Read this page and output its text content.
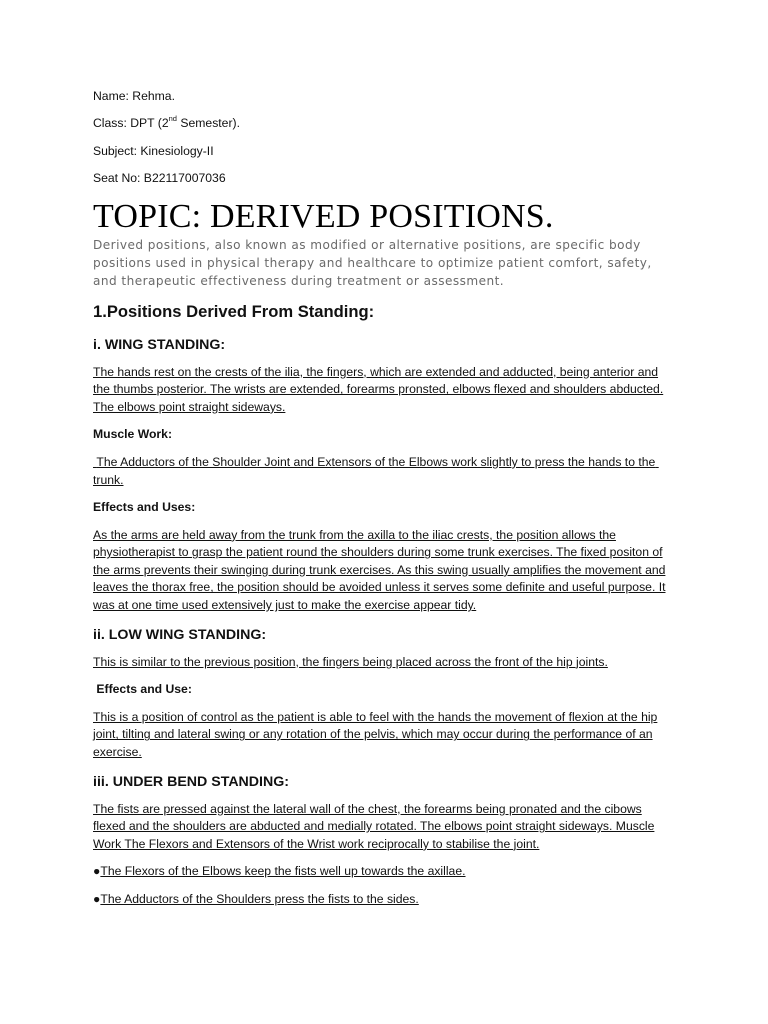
Name: Rehma.
Class: DPT (2nd Semester).
Subject: Kinesiology-II
Seat No: B22117007036
TOPIC: DERIVED POSITIONS.
Derived positions, also known as modified or alternative positions, are specific body positions used in physical therapy and healthcare to optimize patient comfort, safety, and therapeutic effectiveness during treatment or assessment.
1.Positions Derived From Standing:
i. WING STANDING:
The hands rest on the crests of the ilia, the fingers, which are extended and adducted, being anterior and the thumbs posterior. The wrists are extended, forearms pronsted, elbows flexed and shoulders abducted. The elbows point straight sideways.
Muscle Work:
The Adductors of the Shoulder Joint and Extensors of the Elbows work slightly to press the hands to the trunk.
Effects and Uses:
As the arms are held away from the trunk from the axilla to the iliac crests, the position allows the physiotherapist to grasp the patient round the shoulders during some trunk exercises. The fixed positon of the arms prevents their swinging during trunk exercises. As this swing usually amplifies the movement and leaves the thorax free, the position should be avoided unless it serves some definite and useful purpose. It was at one time used extensively just to make the exercise appear tidy.
ii. LOW WING STANDING:
This is similar to the previous position, the fingers being placed across the front of the hip joints.
Effects and Use:
This is a position of control as the patient is able to feel with the hands the movement of flexion at the hip joint, tilting and lateral swing or any rotation of the pelvis, which may occur during the performance of an exercise.
iii. UNDER BEND STANDING:
The fists are pressed against the lateral wall of the chest, the forearms being pronated and the cibows flexed and the shoulders are abducted and medially rotated. The elbows point straight sideways. Muscle Work The Flexors and Extensors of the Wrist work reciprocally to stabilise the joint.
●The Flexors of the Elbows keep the fists well up towards the axillae.
●The Adductors of the Shoulders press the fists to the sides.
